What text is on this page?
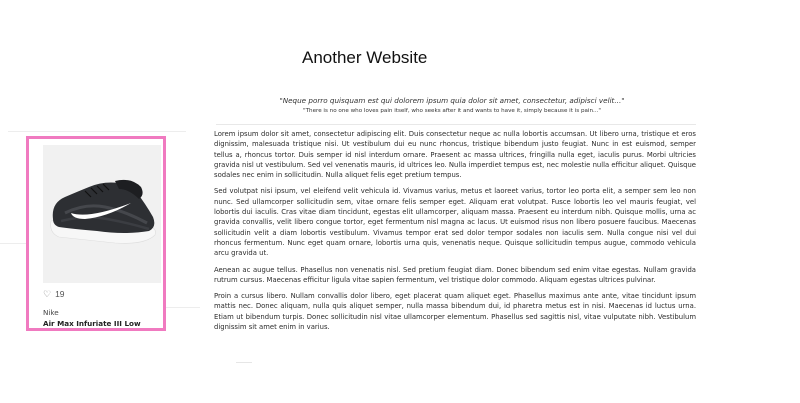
Another Website

"Neque porro quisquam est qui dolorem ipsum quia dolor sit amet, consectetur, adipisci velit..."

"There is no one who loves pain itself, who seeks after it and wants to have it, simply because it is pain..."

♡ 19
Nike
Air Max Infuriate III Low

Lorem ipsum dolor sit amet, consectetur adipiscing elit. Duis consectetur neque ac nulla lobortis accumsan. Ut libero urna, tristique et eros dignissim, malesuada tristique nisi. Ut vestibulum dui eu nunc rhoncus, tristique bibendum justo feugiat. Nunc in est euismod, semper tellus a, rhoncus tortor. Duis semper id nisl interdum ornare. Praesent ac massa ultrices, fringilla nulla eget, iaculis purus. Morbi ultricies gravida nisl ut vestibulum. Sed vel venenatis mauris, id ultrices leo. Nulla imperdiet tempus est, nec molestie nulla efficitur aliquet. Quisque sodales nec enim in sollicitudin. Nulla aliquet felis eget pretium tempus.

Sed volutpat nisi ipsum, vel eleifend velit vehicula id. Vivamus varius, metus et laoreet varius, tortor leo porta elit, a semper sem leo non nunc. Sed ullamcorper sollicitudin sem, vitae ornare felis semper eget. Aliquam erat volutpat. Fusce lobortis leo vel mauris feugiat, vel lobortis dui iaculis. Cras vitae diam tincidunt, egestas elit ullamcorper, aliquam massa. Praesent eu interdum nibh. Quisque mollis, urna ac gravida convallis, velit libero congue tortor, eget fermentum nisl magna ac lacus. Ut euismod risus non libero posuere faucibus. Maecenas sollicitudin velit a diam lobortis vestibulum. Vivamus tempor erat sed dolor tempor sodales non iaculis sem. Nulla congue nisi vel dui rhoncus fermentum. Nunc eget quam ornare, lobortis urna quis, venenatis neque. Quisque sollicitudin tempus augue, commodo vehicula arcu gravida ut.

Aenean ac augue tellus. Phasellus non venenatis nisl. Sed pretium feugiat diam. Donec bibendum sed enim vitae egestas. Nullam gravida rutrum cursus. Maecenas efficitur ligula vitae sapien fermentum, vel tristique dolor commodo. Aliquam egestas ultrices pulvinar.

Proin a cursus libero. Nullam convallis dolor libero, eget placerat quam aliquet eget. Phasellus maximus ante ante, vitae tincidunt ipsum mattis nec. Donec aliquam, nulla quis aliquet semper, nulla massa bibendum dui, id pharetra metus est in nisi. Maecenas id luctus urna. Etiam ut bibendum turpis. Donec sollicitudin nisl vitae ullamcorper elementum. Phasellus sed sagittis nisl, vitae vulputate nibh. Vestibulum dignissim sit amet enim in varius.
